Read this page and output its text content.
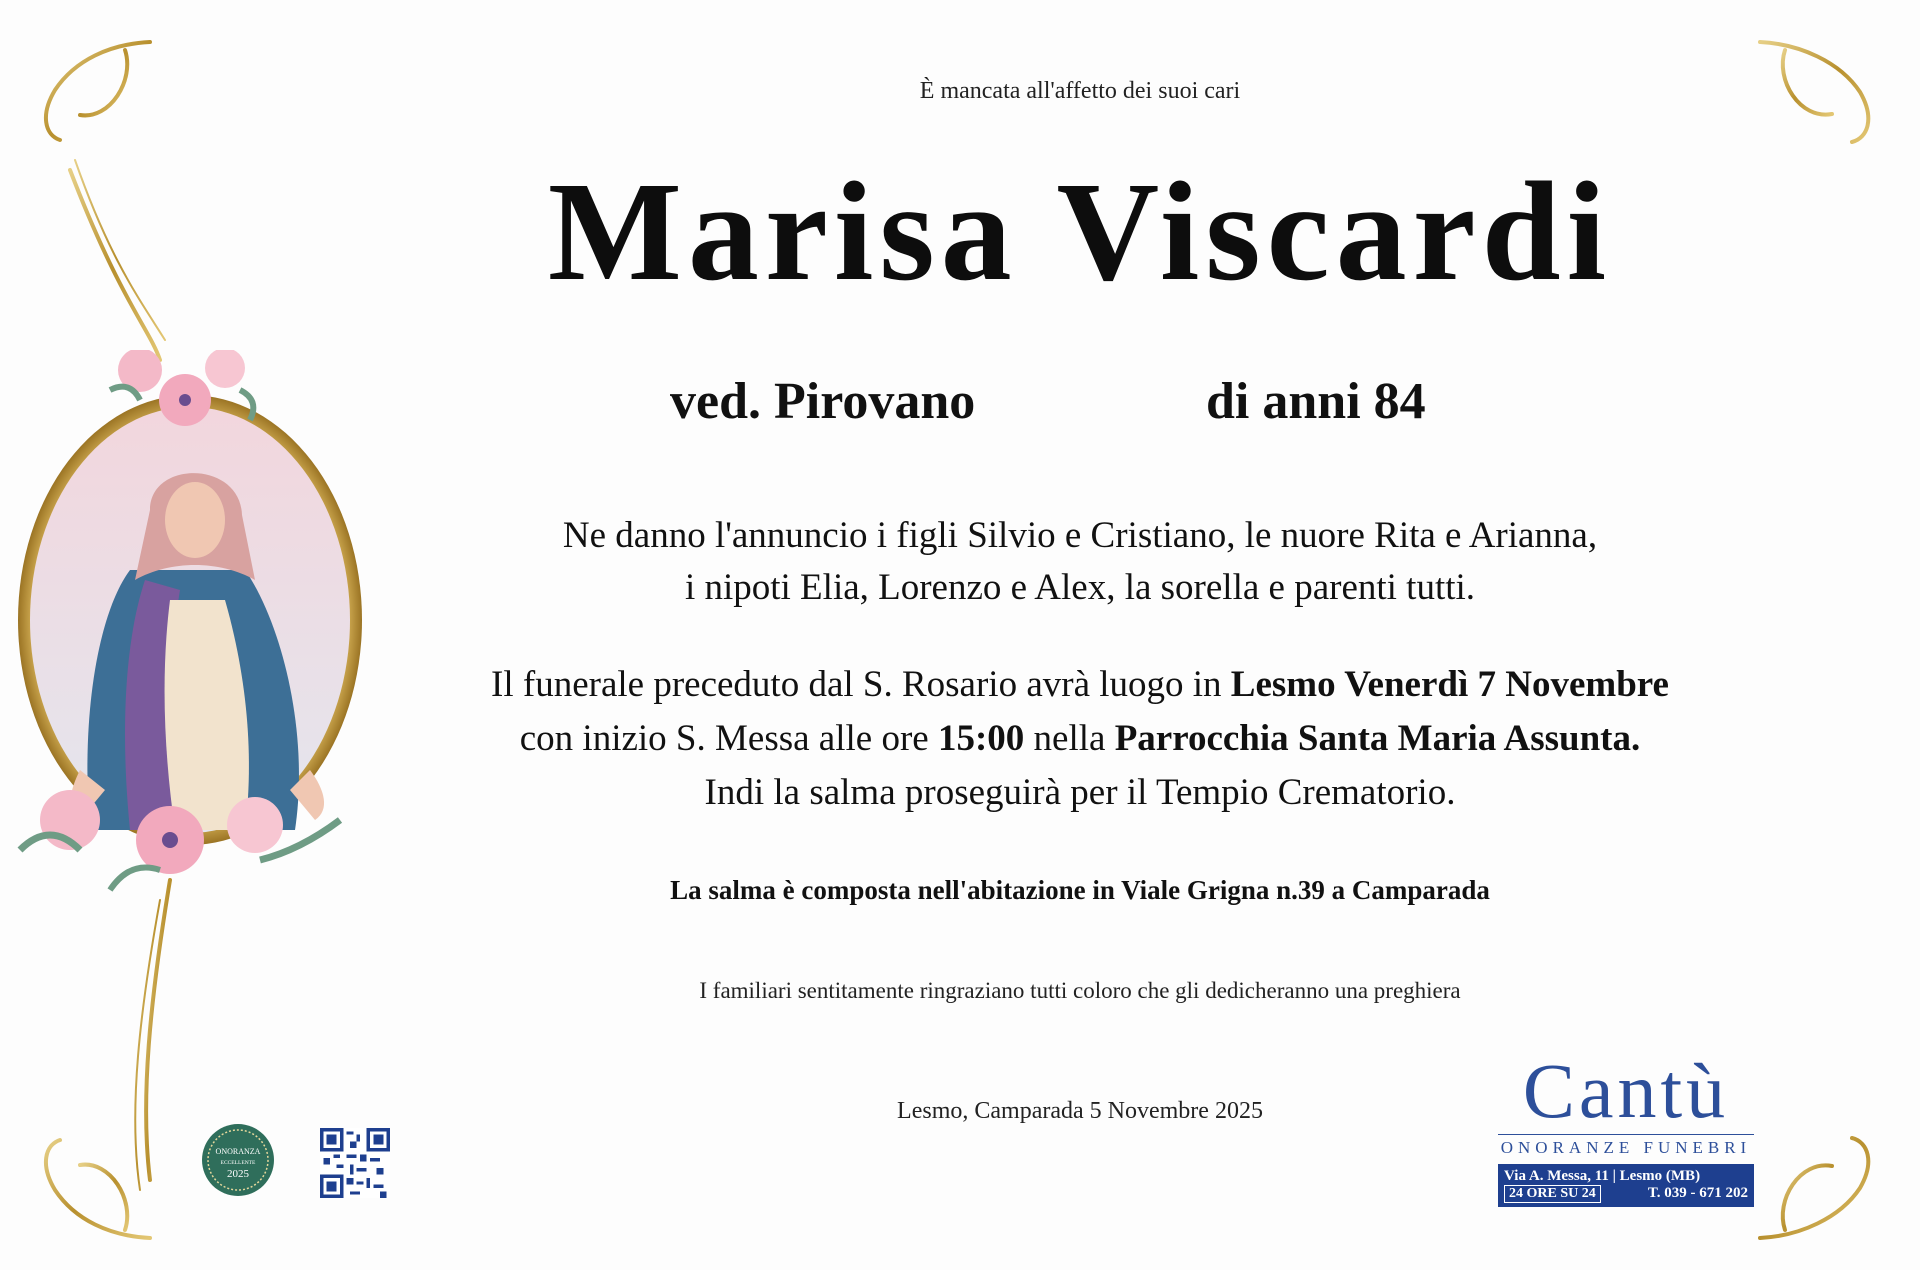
È mancata all'affetto dei suoi cari
Marisa Viscardi
ved. Pirovano	di anni 84
Ne danno l'annuncio i figli Silvio e Cristiano, le nuore Rita e Arianna,
i nipoti Elia, Lorenzo e Alex, la sorella e parenti tutti.
Il funerale preceduto dal S. Rosario avrà luogo in Lesmo Venerdì 7 Novembre
con inizio S. Messa alle ore 15:00 nella Parrocchia Santa Maria Assunta.
Indi la salma proseguirà per il Tempio Crematorio.
La salma è composta nell'abitazione in Viale Grigna n.39 a Camparada
I familiari sentitamente ringraziano tutti coloro che gli dedicheranno una preghiera
Lesmo, Camparada 5 Novembre 2025
ONORANZA
ECCELLENTE
2025
Cantù
ONORANZE FUNEBRI
Via A. Messa, 11 | Lesmo (MB)
24 ORE SU 24	T. 039 - 671 202
